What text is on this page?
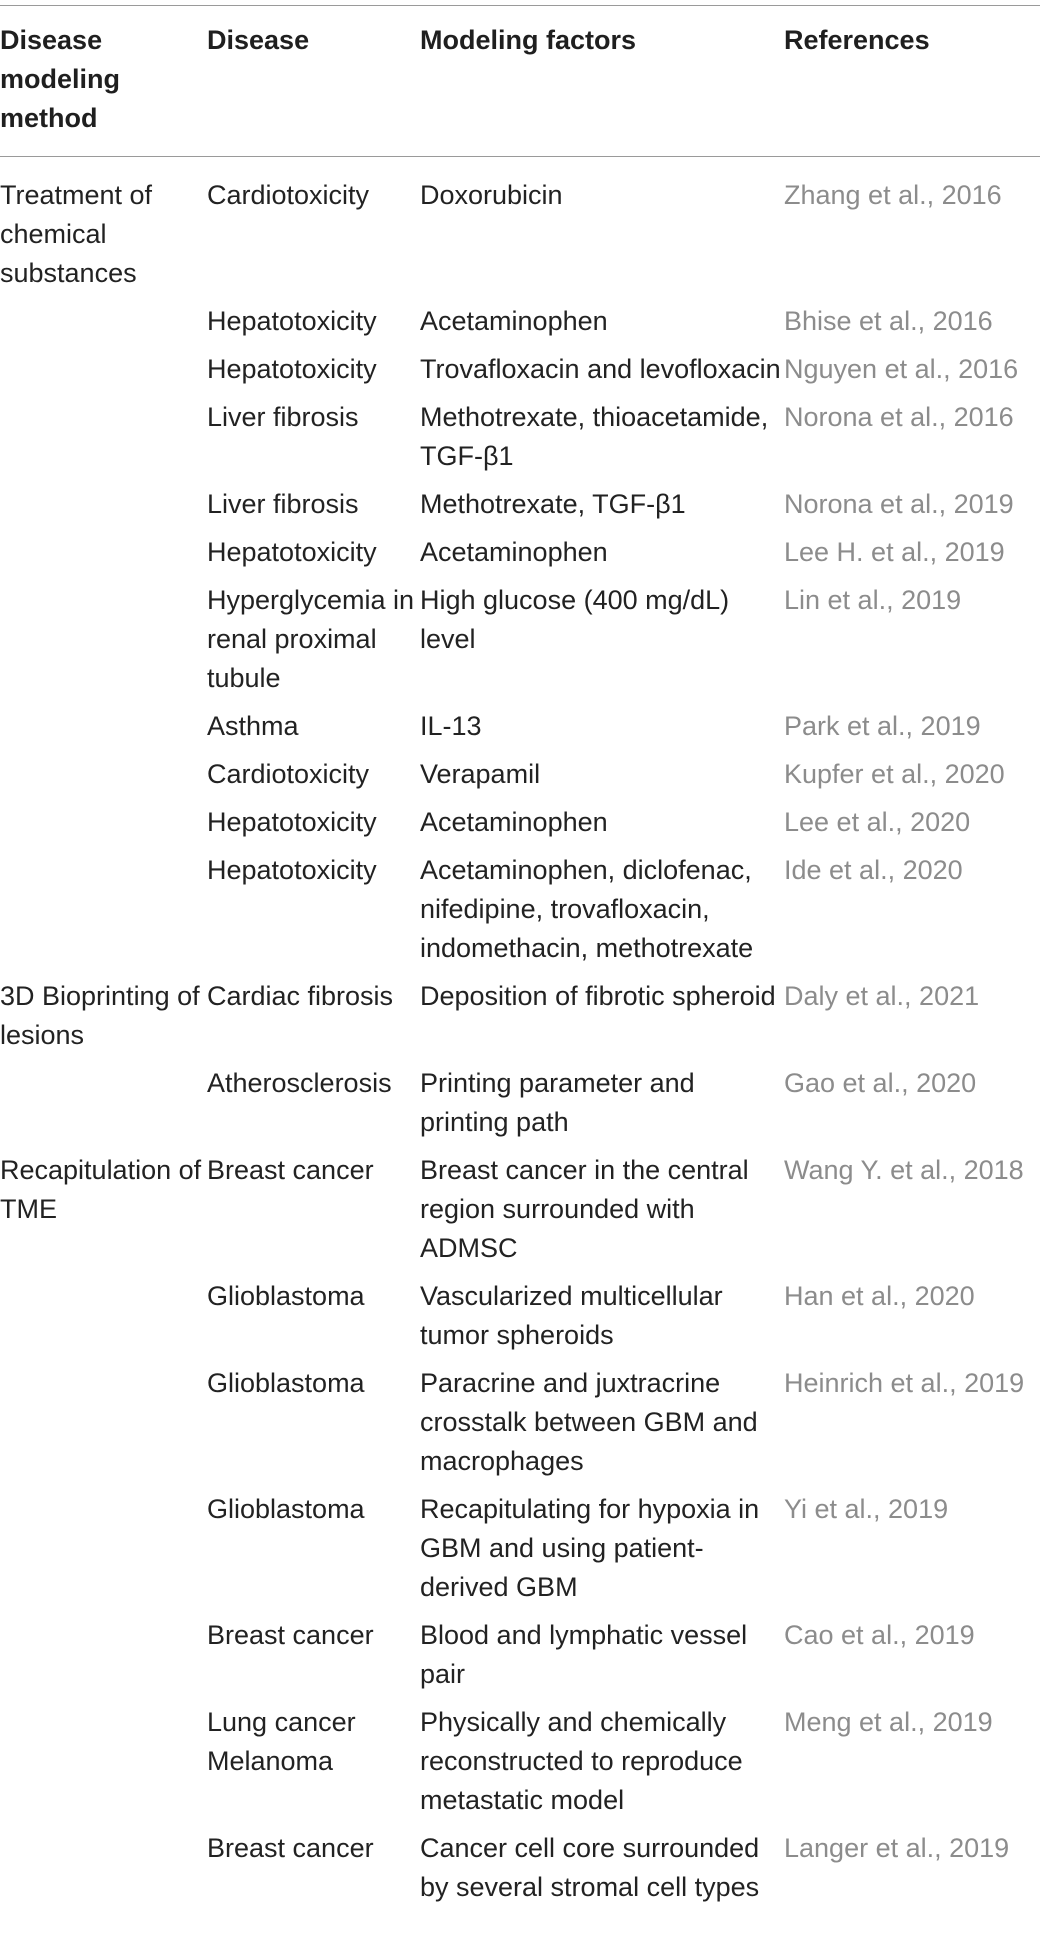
Disease modeling method	Disease	Modeling factors	References

Treatment of chemical substances	Cardiotoxicity	Doxorubicin	Zhang et al., 2016
	Hepatotoxicity	Acetaminophen	Bhise et al., 2016
	Hepatotoxicity	Trovafloxacin and levofloxacin	Nguyen et al., 2016
	Liver fibrosis	Methotrexate, thioacetamide, TGF-β1	Norona et al., 2016
	Liver fibrosis	Methotrexate, TGF-β1	Norona et al., 2019
	Hepatotoxicity	Acetaminophen	Lee H. et al., 2019
	Hyperglycemia in renal proximal tubule	High glucose (400 mg/dL) level	Lin et al., 2019
	Asthma	IL-13	Park et al., 2019
	Cardiotoxicity	Verapamil	Kupfer et al., 2020
	Hepatotoxicity	Acetaminophen	Lee et al., 2020
	Hepatotoxicity	Acetaminophen, diclofenac, nifedipine, trovafloxacin, indomethacin, methotrexate	Ide et al., 2020
3D Bioprinting of lesions	Cardiac fibrosis	Deposition of fibrotic spheroid	Daly et al., 2021
	Atherosclerosis	Printing parameter and printing path	Gao et al., 2020
Recapitulation of TME	Breast cancer	Breast cancer in the central region surrounded with ADMSC	Wang Y. et al., 2018
	Glioblastoma	Vascularized multicellular tumor spheroids	Han et al., 2020
	Glioblastoma	Paracrine and juxtracrine crosstalk between GBM and macrophages	Heinrich et al., 2019
	Glioblastoma	Recapitulating for hypoxia in GBM and using patient-derived GBM	Yi et al., 2019
	Breast cancer	Blood and lymphatic vessel pair	Cao et al., 2019
	Lung cancer Melanoma	Physically and chemically reconstructed to reproduce metastatic model	Meng et al., 2019
	Breast cancer	Cancer cell core surrounded by several stromal cell types	Langer et al., 2019
